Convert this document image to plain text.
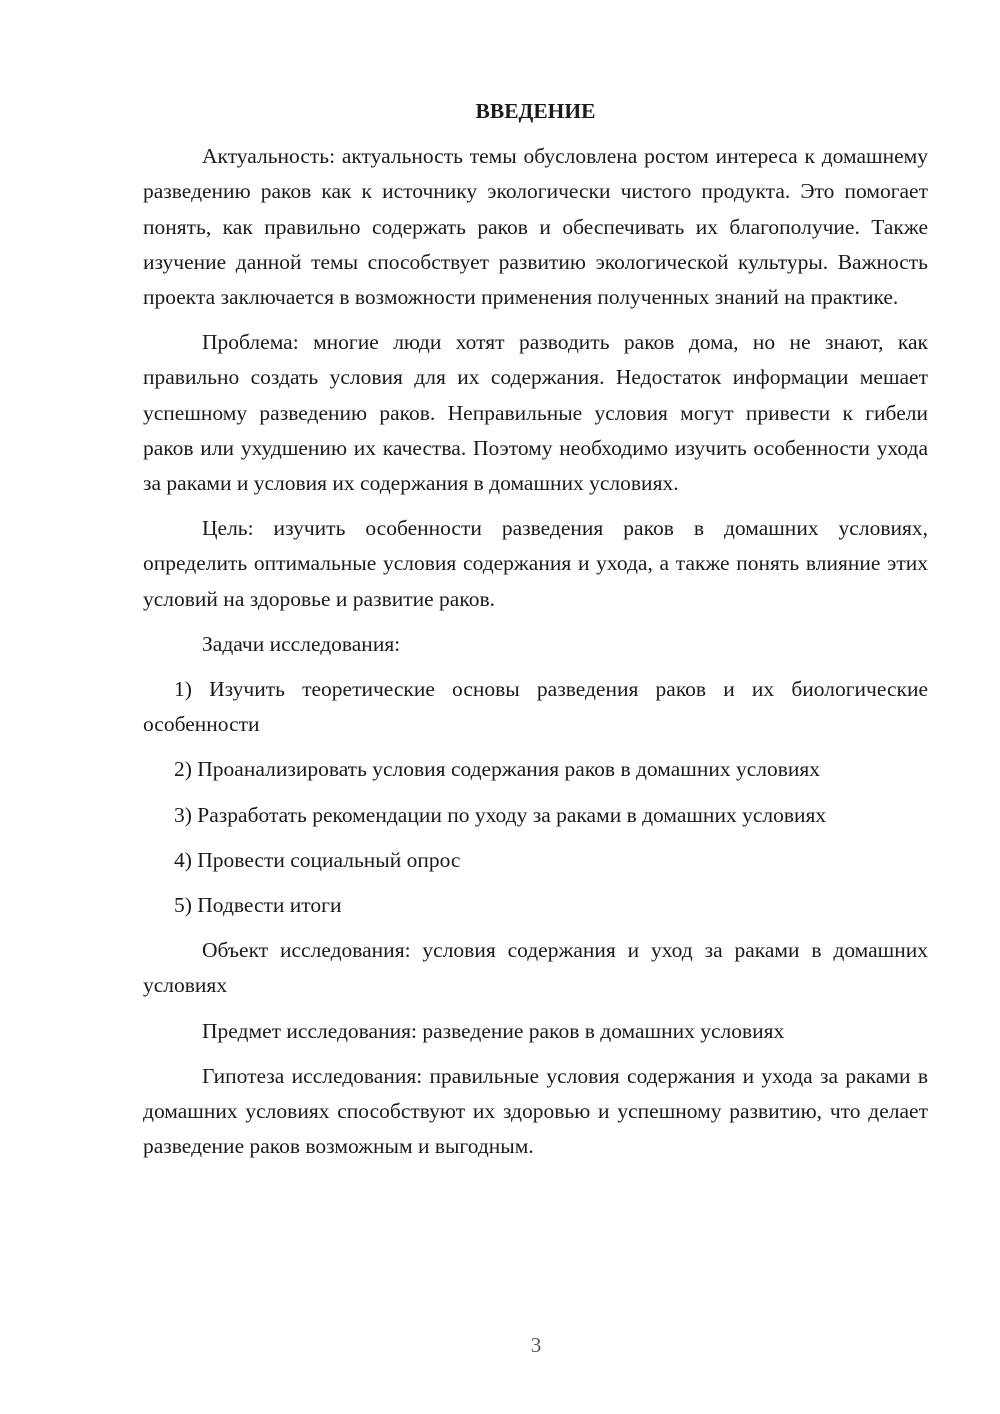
ВВЕДЕНИЕ

Актуальность: актуальность темы обусловлена ростом интереса к домашнему разведению раков как к источнику экологически чистого продукта. Это помогает понять, как правильно содержать раков и обеспечивать их благополучие. Также изучение данной темы способствует развитию экологической культуры. Важность проекта заключается в возможности применения полученных знаний на практике.

Проблема: многие люди хотят разводить раков дома, но не знают, как правильно создать условия для их содержания. Недостаток информации мешает успешному разведению раков. Неправильные условия могут привести к гибели раков или ухудшению их качества. Поэтому необходимо изучить особенности ухода за раками и условия их содержания в домашних условиях.

Цель: изучить особенности разведения раков в домашних условиях, определить оптимальные условия содержания и ухода, а также понять влияние этих условий на здоровье и развитие раков.

Задачи исследования:

1) Изучить теоретические основы разведения раков и их биологические особенности

2) Проанализировать условия содержания раков в домашних условиях

3) Разработать рекомендации по уходу за раками в домашних условиях

4) Провести социальный опрос

5) Подвести итоги

Объект исследования: условия содержания и уход за раками в домашних условиях

Предмет исследования: разведение раков в домашних условиях

Гипотеза исследования: правильные условия содержания и ухода за раками в домашних условиях способствуют их здоровью и успешному развитию, что делает разведение раков возможным и выгодным.

3
